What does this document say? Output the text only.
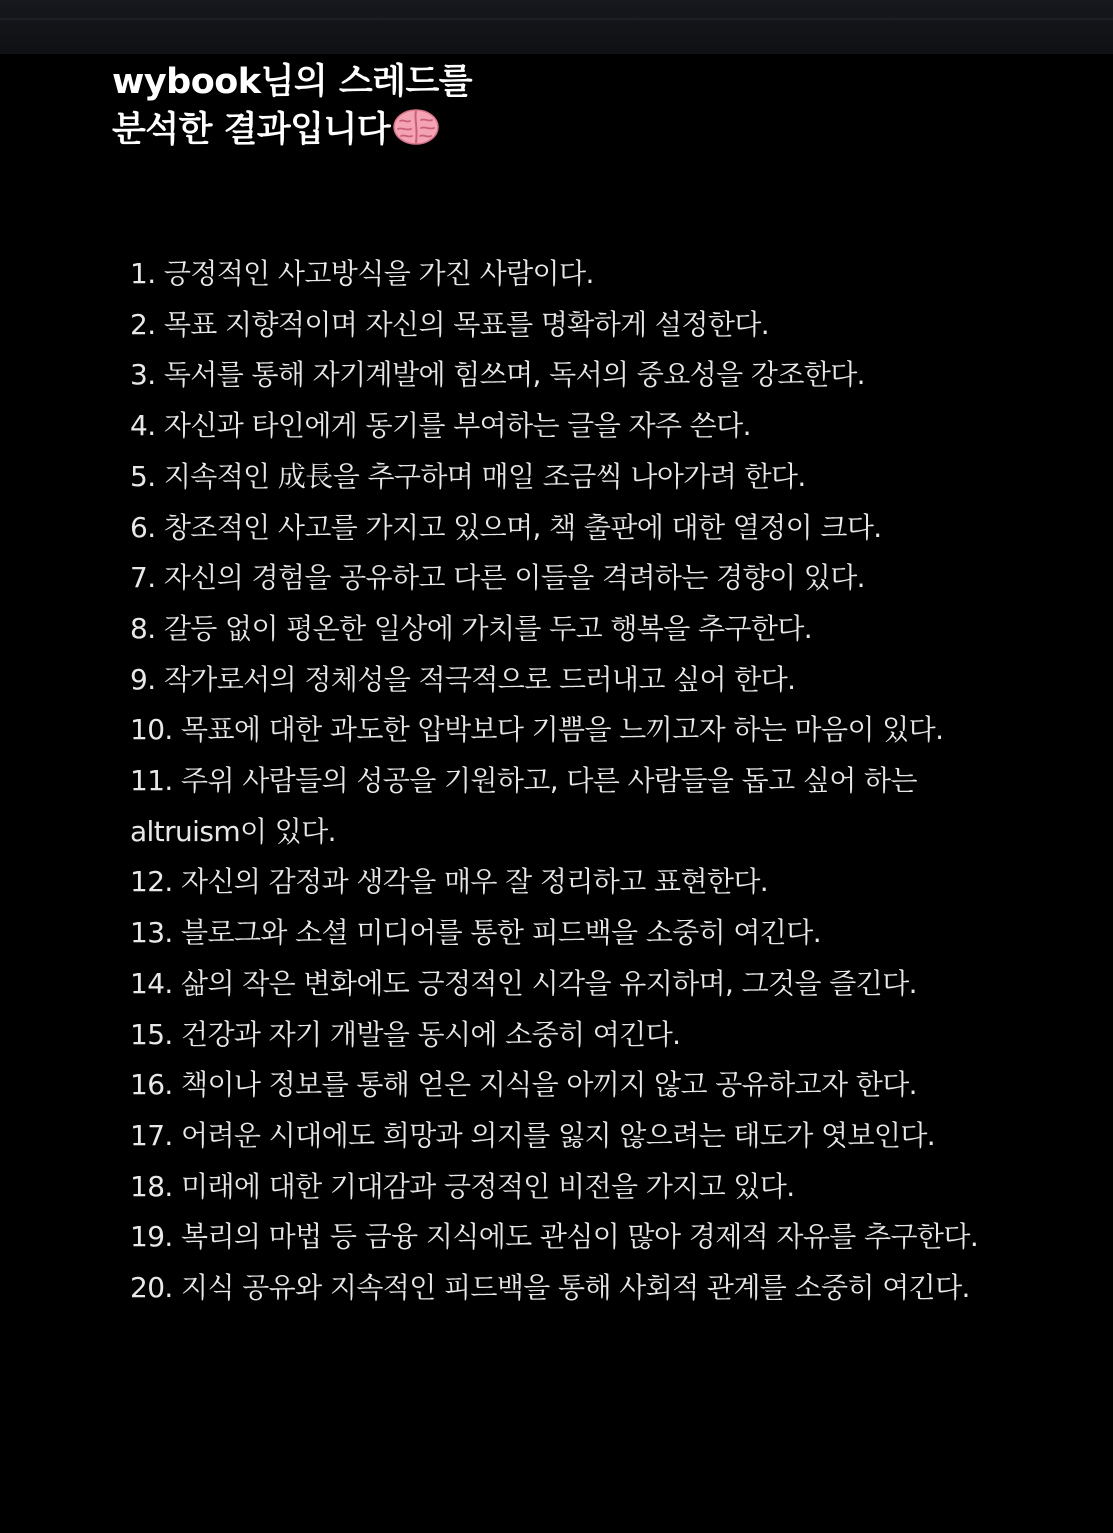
wybook님의 스레드를
분석한 결과입니다
1. 긍정적인 사고방식을 가진 사람이다.
2. 목표 지향적이며 자신의 목표를 명확하게 설정한다.
3. 독서를 통해 자기계발에 힘쓰며, 독서의 중요성을 강조한다.
4. 자신과 타인에게 동기를 부여하는 글을 자주 쓴다.
5. 지속적인 成長을 추구하며 매일 조금씩 나아가려 한다.
6. 창조적인 사고를 가지고 있으며, 책 출판에 대한 열정이 크다.
7. 자신의 경험을 공유하고 다른 이들을 격려하는 경향이 있다.
8. 갈등 없이 평온한 일상에 가치를 두고 행복을 추구한다.
9. 작가로서의 정체성을 적극적으로 드러내고 싶어 한다.
10. 목표에 대한 과도한 압박보다 기쁨을 느끼고자 하는 마음이 있다.
11. 주위 사람들의 성공을 기원하고, 다른 사람들을 돕고 싶어 하는 altruism이 있다.
12. 자신의 감정과 생각을 매우 잘 정리하고 표현한다.
13. 블로그와 소셜 미디어를 통한 피드백을 소중히 여긴다.
14. 삶의 작은 변화에도 긍정적인 시각을 유지하며, 그것을 즐긴다.
15. 건강과 자기 개발을 동시에 소중히 여긴다.
16. 책이나 정보를 통해 얻은 지식을 아끼지 않고 공유하고자 한다.
17. 어려운 시대에도 희망과 의지를 잃지 않으려는 태도가 엿보인다.
18. 미래에 대한 기대감과 긍정적인 비전을 가지고 있다.
19. 복리의 마법 등 금융 지식에도 관심이 많아 경제적 자유를 추구한다.
20. 지식 공유와 지속적인 피드백을 통해 사회적 관계를 소중히 여긴다.
